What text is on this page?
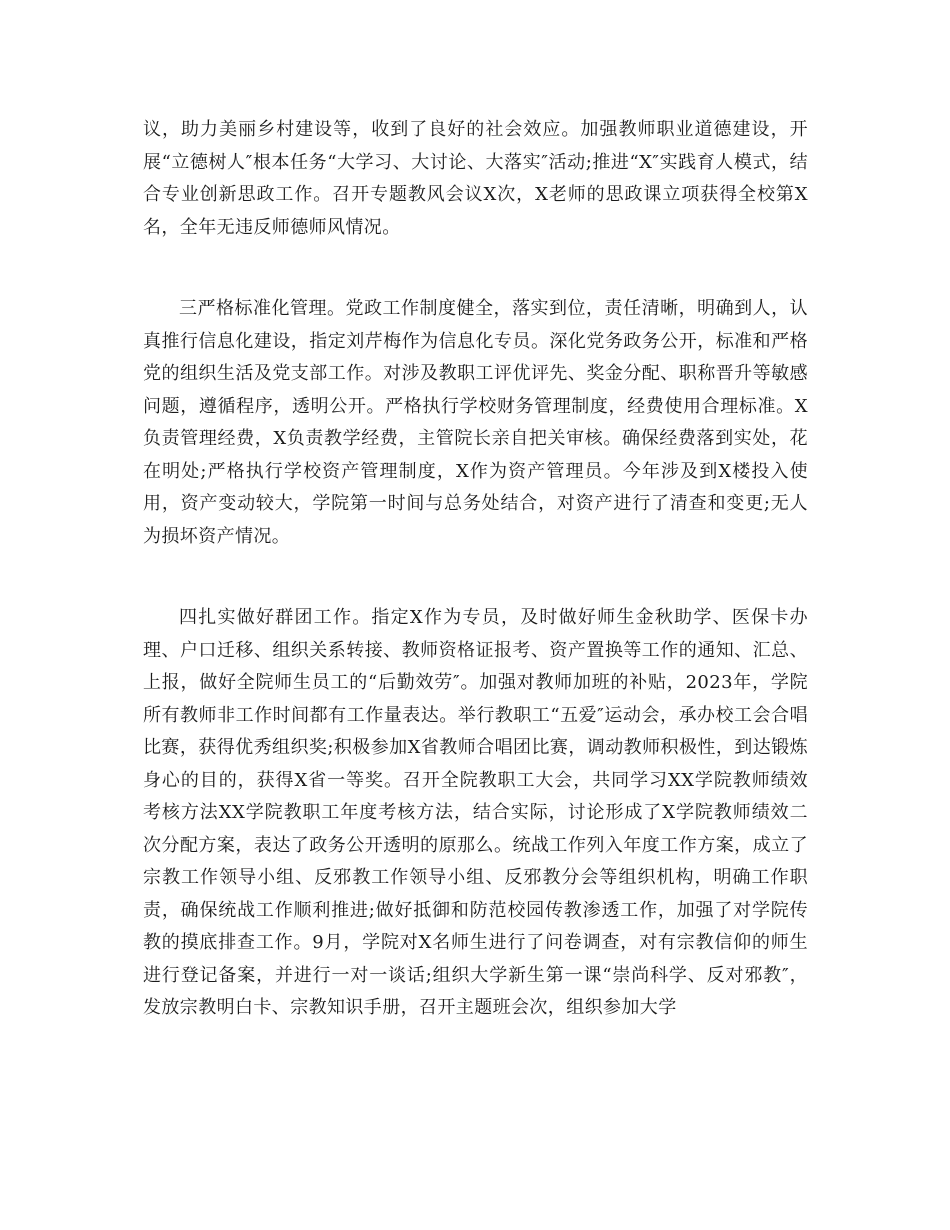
议，助力美丽乡村建设等，收到了良好的社会效应。加强教师职业道德建设，开展“立德树人″根本任务“大学习、大讨论、大落实″活动;推进“X″实践育人模式，结合专业创新思政工作。召开专题教风会议X次，X老师的思政课立项获得全校第X名，全年无违反师德师风情况。

三严格标准化管理。党政工作制度健全，落实到位，责任清晰，明确到人，认真推行信息化建设，指定刘芹梅作为信息化专员。深化党务政务公开，标准和严格党的组织生活及党支部工作。对涉及教职工评优评先、奖金分配、职称晋升等敏感问题，遵循程序，透明公开。严格执行学校财务管理制度，经费使用合理标准。X负责管理经费，X负责教学经费，主管院长亲自把关审核。确保经费落到实处，花在明处;严格执行学校资产管理制度，X作为资产管理员。今年涉及到X楼投入使用，资产变动较大，学院第一时间与总务处结合，对资产进行了清查和变更;无人为损坏资产情况。

四扎实做好群团工作。指定X作为专员，及时做好师生金秋助学、医保卡办理、户口迁移、组织关系转接、教师资格证报考、资产置换等工作的通知、汇总、上报，做好全院师生员工的“后勤效劳″。加强对教师加班的补贴，2023年，学院所有教师非工作时间都有工作量表达。举行教职工“五爱″运动会，承办校工会合唱比赛，获得优秀组织奖;积极参加X省教师合唱团比赛，调动教师积极性，到达锻炼身心的目的，获得X省一等奖。召开全院教职工大会，共同学习XX学院教师绩效考核方法XX学院教职工年度考核方法，结合实际，讨论形成了X学院教师绩效二次分配方案，表达了政务公开透明的原那么。统战工作列入年度工作方案，成立了宗教工作领导小组、反邪教工作领导小组、反邪教分会等组织机构，明确工作职责，确保统战工作顺利推进;做好抵御和防范校园传教渗透工作，加强了对学院传教的摸底排查工作。9月，学院对X名师生进行了问卷调查，对有宗教信仰的师生进行登记备案，并进行一对一谈话;组织大学新生第一课“崇尚科学、反对邪教″，发放宗教明白卡、宗教知识手册，召开主题班会次，组织参加大学
